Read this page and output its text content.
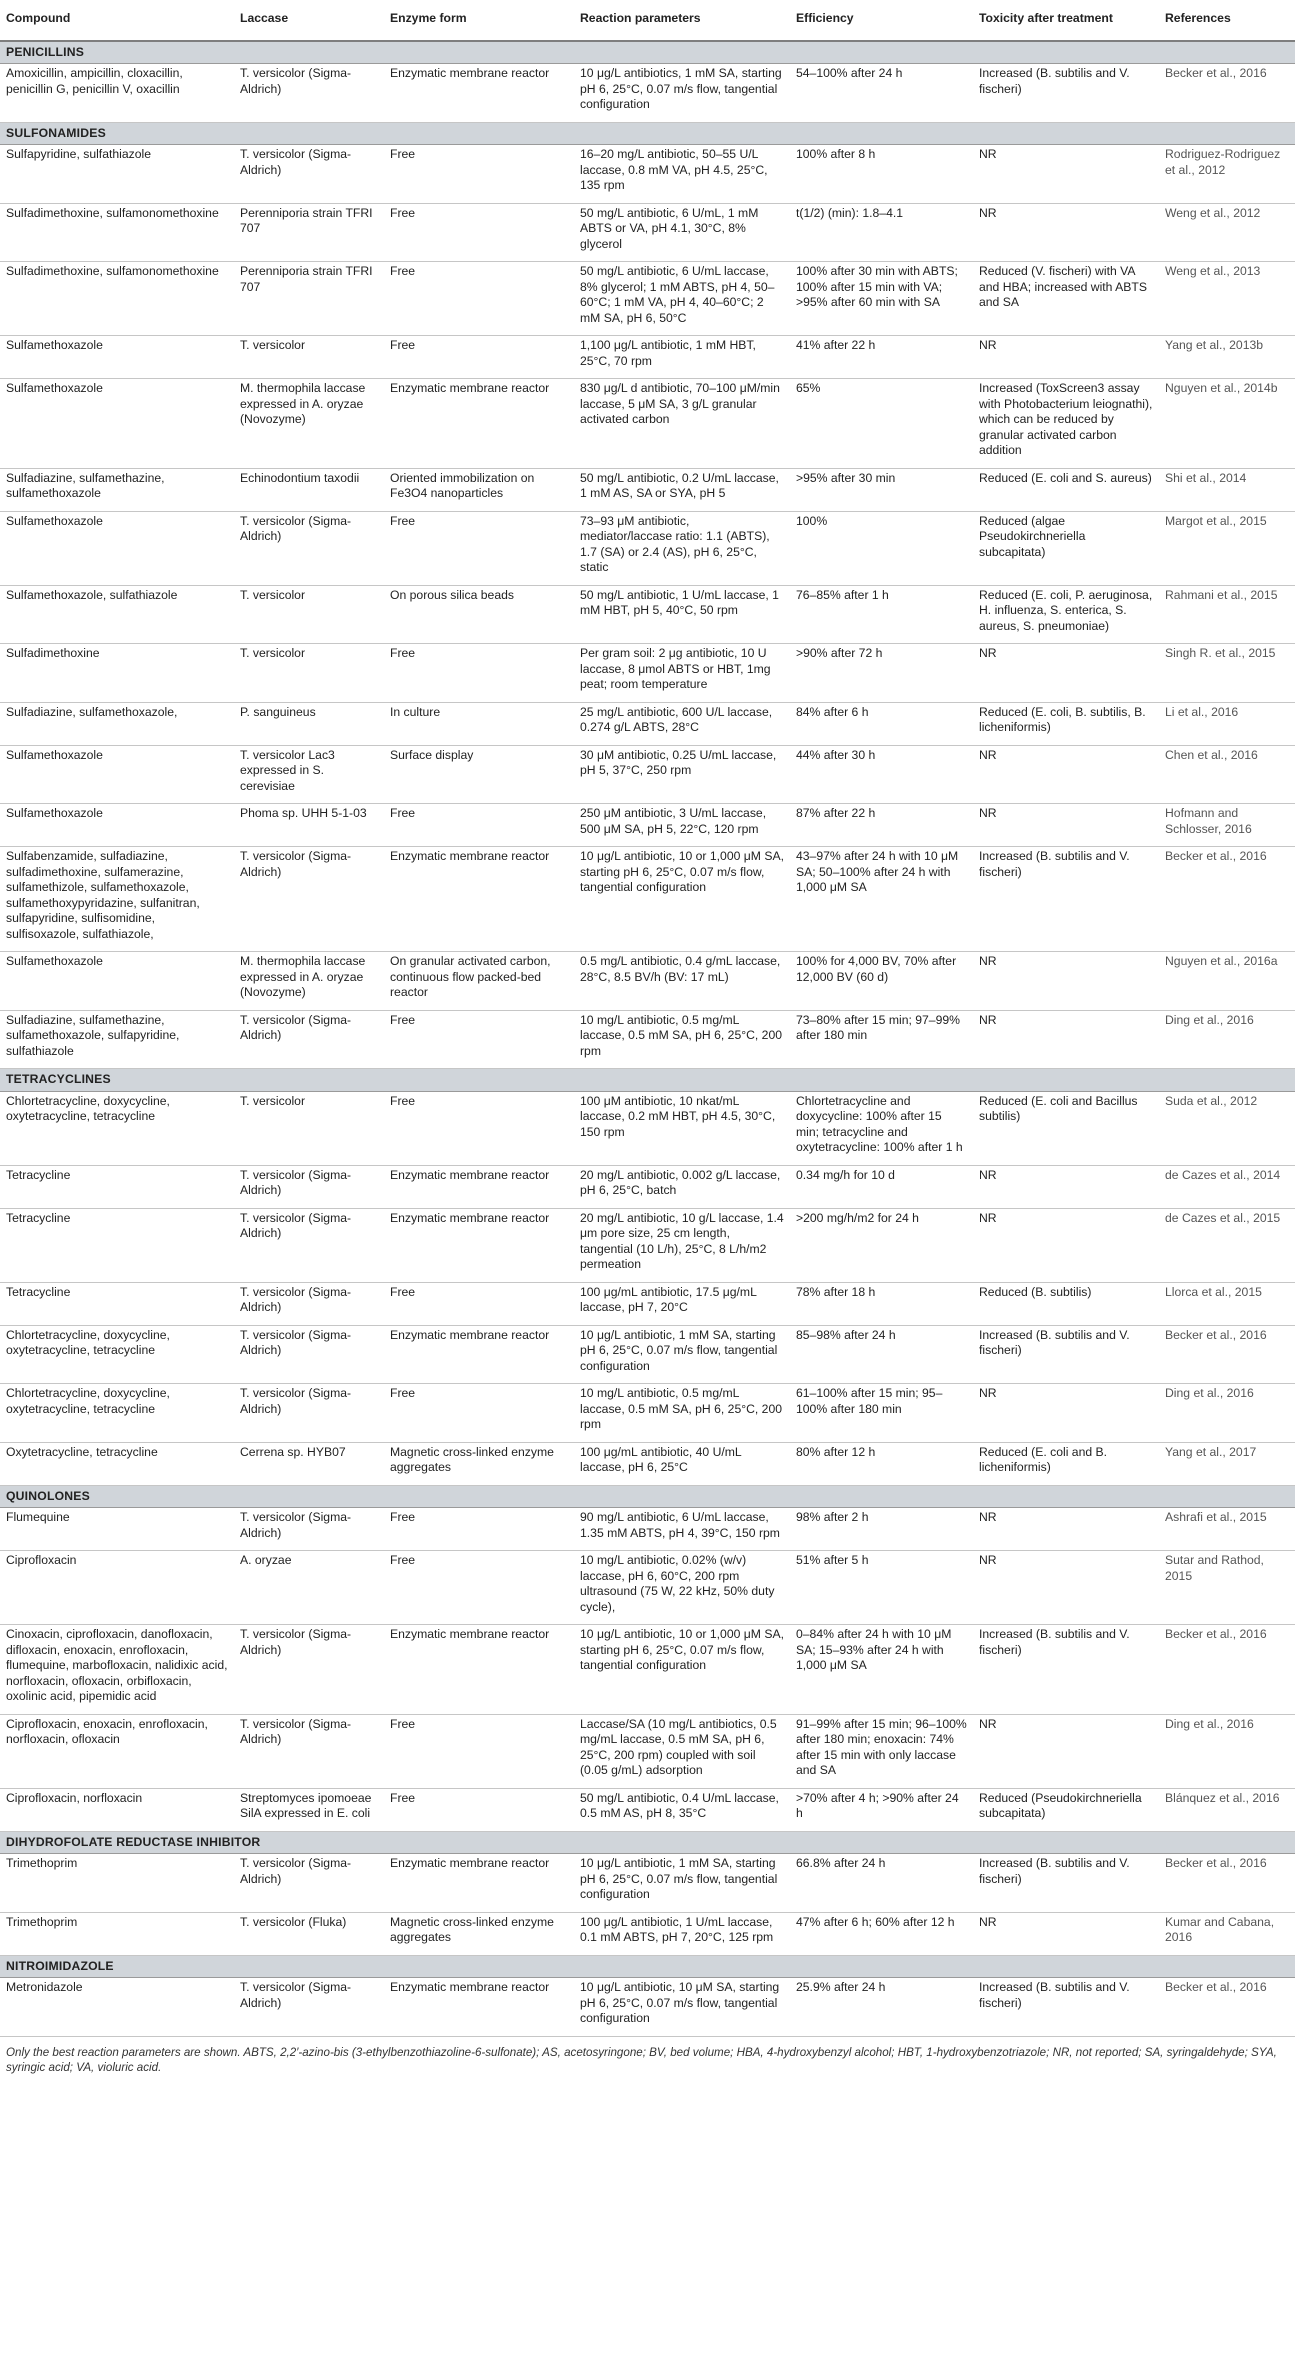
Compound	Laccase	Enzyme form	Reaction parameters	Efficiency	Toxicity after treatment	References
PENICILLINS						
Amoxicillin, ampicillin, cloxacillin, penicillin G, penicillin V, oxacillin	T. versicolor (Sigma-Aldrich)	Enzymatic membrane reactor	10 μg/L antibiotics, 1 mM SA, starting pH 6, 25°C, 0.07 m/s flow, tangential configuration	54–100% after 24 h	Increased (B. subtilis and V. fischeri)	Becker et al., 2016
SULFONAMIDES						
Sulfapyridine, sulfathiazole	T. versicolor (Sigma-Aldrich)	Free	16–20 mg/L antibiotic, 50–55 U/L laccase, 0.8 mM VA, pH 4.5, 25°C, 135 rpm	100% after 8 h	NR	Rodriguez-Rodriguez et al., 2012
Sulfadimethoxine, sulfamonomethoxine	Perenniporia strain TFRI 707	Free	50 mg/L antibiotic, 6 U/mL, 1 mM ABTS or VA, pH 4.1, 30°C, 8% glycerol	t(1/2) (min): 1.8–4.1	NR	Weng et al., 2012
Sulfadimethoxine, sulfamonomethoxine	Perenniporia strain TFRI 707	Free	50 mg/L antibiotic, 6 U/mL laccase, 8% glycerol; 1 mM ABTS, pH 4, 50–60°C; 1 mM VA, pH 4, 40–60°C; 2 mM SA, pH 6, 50°C	100% after 30 min with ABTS; 100% after 15 min with VA; >95% after 60 min with SA	Reduced (V. fischeri) with VA and HBA; increased with ABTS and SA	Weng et al., 2013
Sulfamethoxazole	T. versicolor	Free	1,100 μg/L antibiotic, 1 mM HBT, 25°C, 70 rpm	41% after 22 h	NR	Yang et al., 2013b
Sulfamethoxazole	M. thermophila laccase expressed in A. oryzae (Novozyme)	Enzymatic membrane reactor	830 μg/L d antibiotic, 70–100 μM/min laccase, 5 μM SA, 3 g/L granular activated carbon	65%	Increased (ToxScreen3 assay with Photobacterium leiognathi), which can be reduced by granular activated carbon addition	Nguyen et al., 2014b
Sulfadiazine, sulfamethazine, sulfamethoxazole	Echinodontium taxodii	Oriented immobilization on Fe3O4 nanoparticles	50 mg/L antibiotic, 0.2 U/mL laccase, 1 mM AS, SA or SYA, pH 5	>95% after 30 min	Reduced (E. coli and S. aureus)	Shi et al., 2014
Sulfamethoxazole	T. versicolor (Sigma-Aldrich)	Free	73–93 μM antibiotic, mediator/laccase ratio: 1.1 (ABTS), 1.7 (SA) or 2.4 (AS), pH 6, 25°C, static	100%	Reduced (algae Pseudokirchneriella subcapitata)	Margot et al., 2015
Sulfamethoxazole, sulfathiazole	T. versicolor	On porous silica beads	50 mg/L antibiotic, 1 U/mL laccase, 1 mM HBT, pH 5, 40°C, 50 rpm	76–85% after 1 h	Reduced (E. coli, P. aeruginosa, H. influenza, S. enterica, S. aureus, S. pneumoniae)	Rahmani et al., 2015
Sulfadimethoxine	T. versicolor	Free	Per gram soil: 2 μg antibiotic, 10 U laccase, 8 μmol ABTS or HBT, 1mg peat; room temperature	>90% after 72 h	NR	Singh R. et al., 2015
Sulfadiazine, sulfamethoxazole,	P. sanguineus	In culture	25 mg/L antibiotic, 600 U/L laccase, 0.274 g/L ABTS, 28°C	84% after 6 h	Reduced (E. coli, B. subtilis, B. licheniformis)	Li et al., 2016
Sulfamethoxazole	T. versicolor Lac3 expressed in S. cerevisiae	Surface display	30 μM antibiotic, 0.25 U/mL laccase, pH 5, 37°C, 250 rpm	44% after 30 h	NR	Chen et al., 2016
Sulfamethoxazole	Phoma sp. UHH 5-1-03	Free	250 μM antibiotic, 3 U/mL laccase, 500 μM SA, pH 5, 22°C, 120 rpm	87% after 22 h	NR	Hofmann and Schlosser, 2016
Sulfabenzamide, sulfadiazine, sulfadimethoxine, sulfamerazine, sulfamethizole, sulfamethoxazole, sulfamethoxypyridazine, sulfanitran, sulfapyridine, sulfisomidine, sulfisoxazole, sulfathiazole,	T. versicolor (Sigma-Aldrich)	Enzymatic membrane reactor	10 μg/L antibiotic, 10 or 1,000 μM SA, starting pH 6, 25°C, 0.07 m/s flow, tangential configuration	43–97% after 24 h with 10 μM SA; 50–100% after 24 h with 1,000 μM SA	Increased (B. subtilis and V. fischeri)	Becker et al., 2016
Sulfamethoxazole	M. thermophila laccase expressed in A. oryzae (Novozyme)	On granular activated carbon, continuous flow packed-bed reactor	0.5 mg/L antibiotic, 0.4 g/mL laccase, 28°C, 8.5 BV/h (BV: 17 mL)	100% for 4,000 BV, 70% after 12,000 BV (60 d)	NR	Nguyen et al., 2016a
Sulfadiazine, sulfamethazine, sulfamethoxazole, sulfapyridine, sulfathiazole	T. versicolor (Sigma-Aldrich)	Free	10 mg/L antibiotic, 0.5 mg/mL laccase, 0.5 mM SA, pH 6, 25°C, 200 rpm	73–80% after 15 min; 97–99% after 180 min	NR	Ding et al., 2016
TETRACYCLINES						
Chlortetracycline, doxycycline, oxytetracycline, tetracycline	T. versicolor	Free	100 μM antibiotic, 10 nkat/mL laccase, 0.2 mM HBT, pH 4.5, 30°C, 150 rpm	Chlortetracycline and doxycycline: 100% after 15 min; tetracycline and oxytetracycline: 100% after 1 h	Reduced (E. coli and Bacillus subtilis)	Suda et al., 2012
Tetracycline	T. versicolor (Sigma-Aldrich)	Enzymatic membrane reactor	20 mg/L antibiotic, 0.002 g/L laccase, pH 6, 25°C, batch	0.34 mg/h for 10 d	NR	de Cazes et al., 2014
Tetracycline	T. versicolor (Sigma-Aldrich)	Enzymatic membrane reactor	20 mg/L antibiotic, 10 g/L laccase, 1.4 μm pore size, 25 cm length, tangential (10 L/h), 25°C, 8 L/h/m2 permeation	>200 mg/h/m2 for 24 h	NR	de Cazes et al., 2015
Tetracycline	T. versicolor (Sigma-Aldrich)	Free	100 μg/mL antibiotic, 17.5 μg/mL laccase, pH 7, 20°C	78% after 18 h	Reduced (B. subtilis)	Llorca et al., 2015
Chlortetracycline, doxycycline, oxytetracycline, tetracycline	T. versicolor (Sigma-Aldrich)	Enzymatic membrane reactor	10 μg/L antibiotic, 1 mM SA, starting pH 6, 25°C, 0.07 m/s flow, tangential configuration	85–98% after 24 h	Increased (B. subtilis and V. fischeri)	Becker et al., 2016
Chlortetracycline, doxycycline, oxytetracycline, tetracycline	T. versicolor (Sigma-Aldrich)	Free	10 mg/L antibiotic, 0.5 mg/mL laccase, 0.5 mM SA, pH 6, 25°C, 200 rpm	61–100% after 15 min; 95–100% after 180 min	NR	Ding et al., 2016
Oxytetracycline, tetracycline	Cerrena sp. HYB07	Magnetic cross-linked enzyme aggregates	100 μg/mL antibiotic, 40 U/mL laccase, pH 6, 25°C	80% after 12 h	Reduced (E. coli and B. licheniformis)	Yang et al., 2017
QUINOLONES						
Flumequine	T. versicolor (Sigma-Aldrich)	Free	90 mg/L antibiotic, 6 U/mL laccase, 1.35 mM ABTS, pH 4, 39°C, 150 rpm	98% after 2 h	NR	Ashrafi et al., 2015
Ciprofloxacin	A. oryzae	Free	10 mg/L antibiotic, 0.02% (w/v) laccase, pH 6, 60°C, 200 rpm ultrasound (75 W, 22 kHz, 50% duty cycle),	51% after 5 h	NR	Sutar and Rathod, 2015
Cinoxacin, ciprofloxacin, danofloxacin, difloxacin, enoxacin, enrofloxacin, flumequine, marbofloxacin, nalidixic acid, norfloxacin, ofloxacin, orbifloxacin, oxolinic acid, pipemidic acid	T. versicolor (Sigma-Aldrich)	Enzymatic membrane reactor	10 μg/L antibiotic, 10 or 1,000 μM SA, starting pH 6, 25°C, 0.07 m/s flow, tangential configuration	0–84% after 24 h with 10 μM SA; 15–93% after 24 h with 1,000 μM SA	Increased (B. subtilis and V. fischeri)	Becker et al., 2016
Ciprofloxacin, enoxacin, enrofloxacin, norfloxacin, ofloxacin	T. versicolor (Sigma-Aldrich)	Free	Laccase/SA (10 mg/L antibiotics, 0.5 mg/mL laccase, 0.5 mM SA, pH 6, 25°C, 200 rpm) coupled with soil (0.05 g/mL) adsorption	91–99% after 15 min; 96–100% after 180 min; enoxacin: 74% after 15 min with only laccase and SA	NR	Ding et al., 2016
Ciprofloxacin, norfloxacin	Streptomyces ipomoeae SilA expressed in E. coli	Free	50 mg/L antibiotic, 0.4 U/mL laccase, 0.5 mM AS, pH 8, 35°C	>70% after 4 h; >90% after 24 h	Reduced (Pseudokirchneriella subcapitata)	Blánquez et al., 2016
DIHYDROFOLATE REDUCTASE INHIBITOR						
Trimethoprim	T. versicolor (Sigma-Aldrich)	Enzymatic membrane reactor	10 μg/L antibiotic, 1 mM SA, starting pH 6, 25°C, 0.07 m/s flow, tangential configuration	66.8% after 24 h	Increased (B. subtilis and V. fischeri)	Becker et al., 2016
Trimethoprim	T. versicolor (Fluka)	Magnetic cross-linked enzyme aggregates	100 μg/L antibiotic, 1 U/mL laccase, 0.1 mM ABTS, pH 7, 20°C, 125 rpm	47% after 6 h; 60% after 12 h	NR	Kumar and Cabana, 2016
NITROIMIDAZOLE						
Metronidazole	T. versicolor (Sigma-Aldrich)	Enzymatic membrane reactor	10 μg/L antibiotic, 10 μM SA, starting pH 6, 25°C, 0.07 m/s flow, tangential configuration	25.9% after 24 h	Increased (B. subtilis and V. fischeri)	Becker et al., 2016
Only the best reaction parameters are shown. ABTS, 2,2′-azino-bis (3-ethylbenzothiazoline-6-sulfonate); AS, acetosyringone; BV, bed volume; HBA, 4-hydroxybenzyl alcohol; HBT, 1-hydroxybenzotriazole; NR, not reported; SA, syringaldehyde; SYA, syringic acid; VA, violuric acid.
